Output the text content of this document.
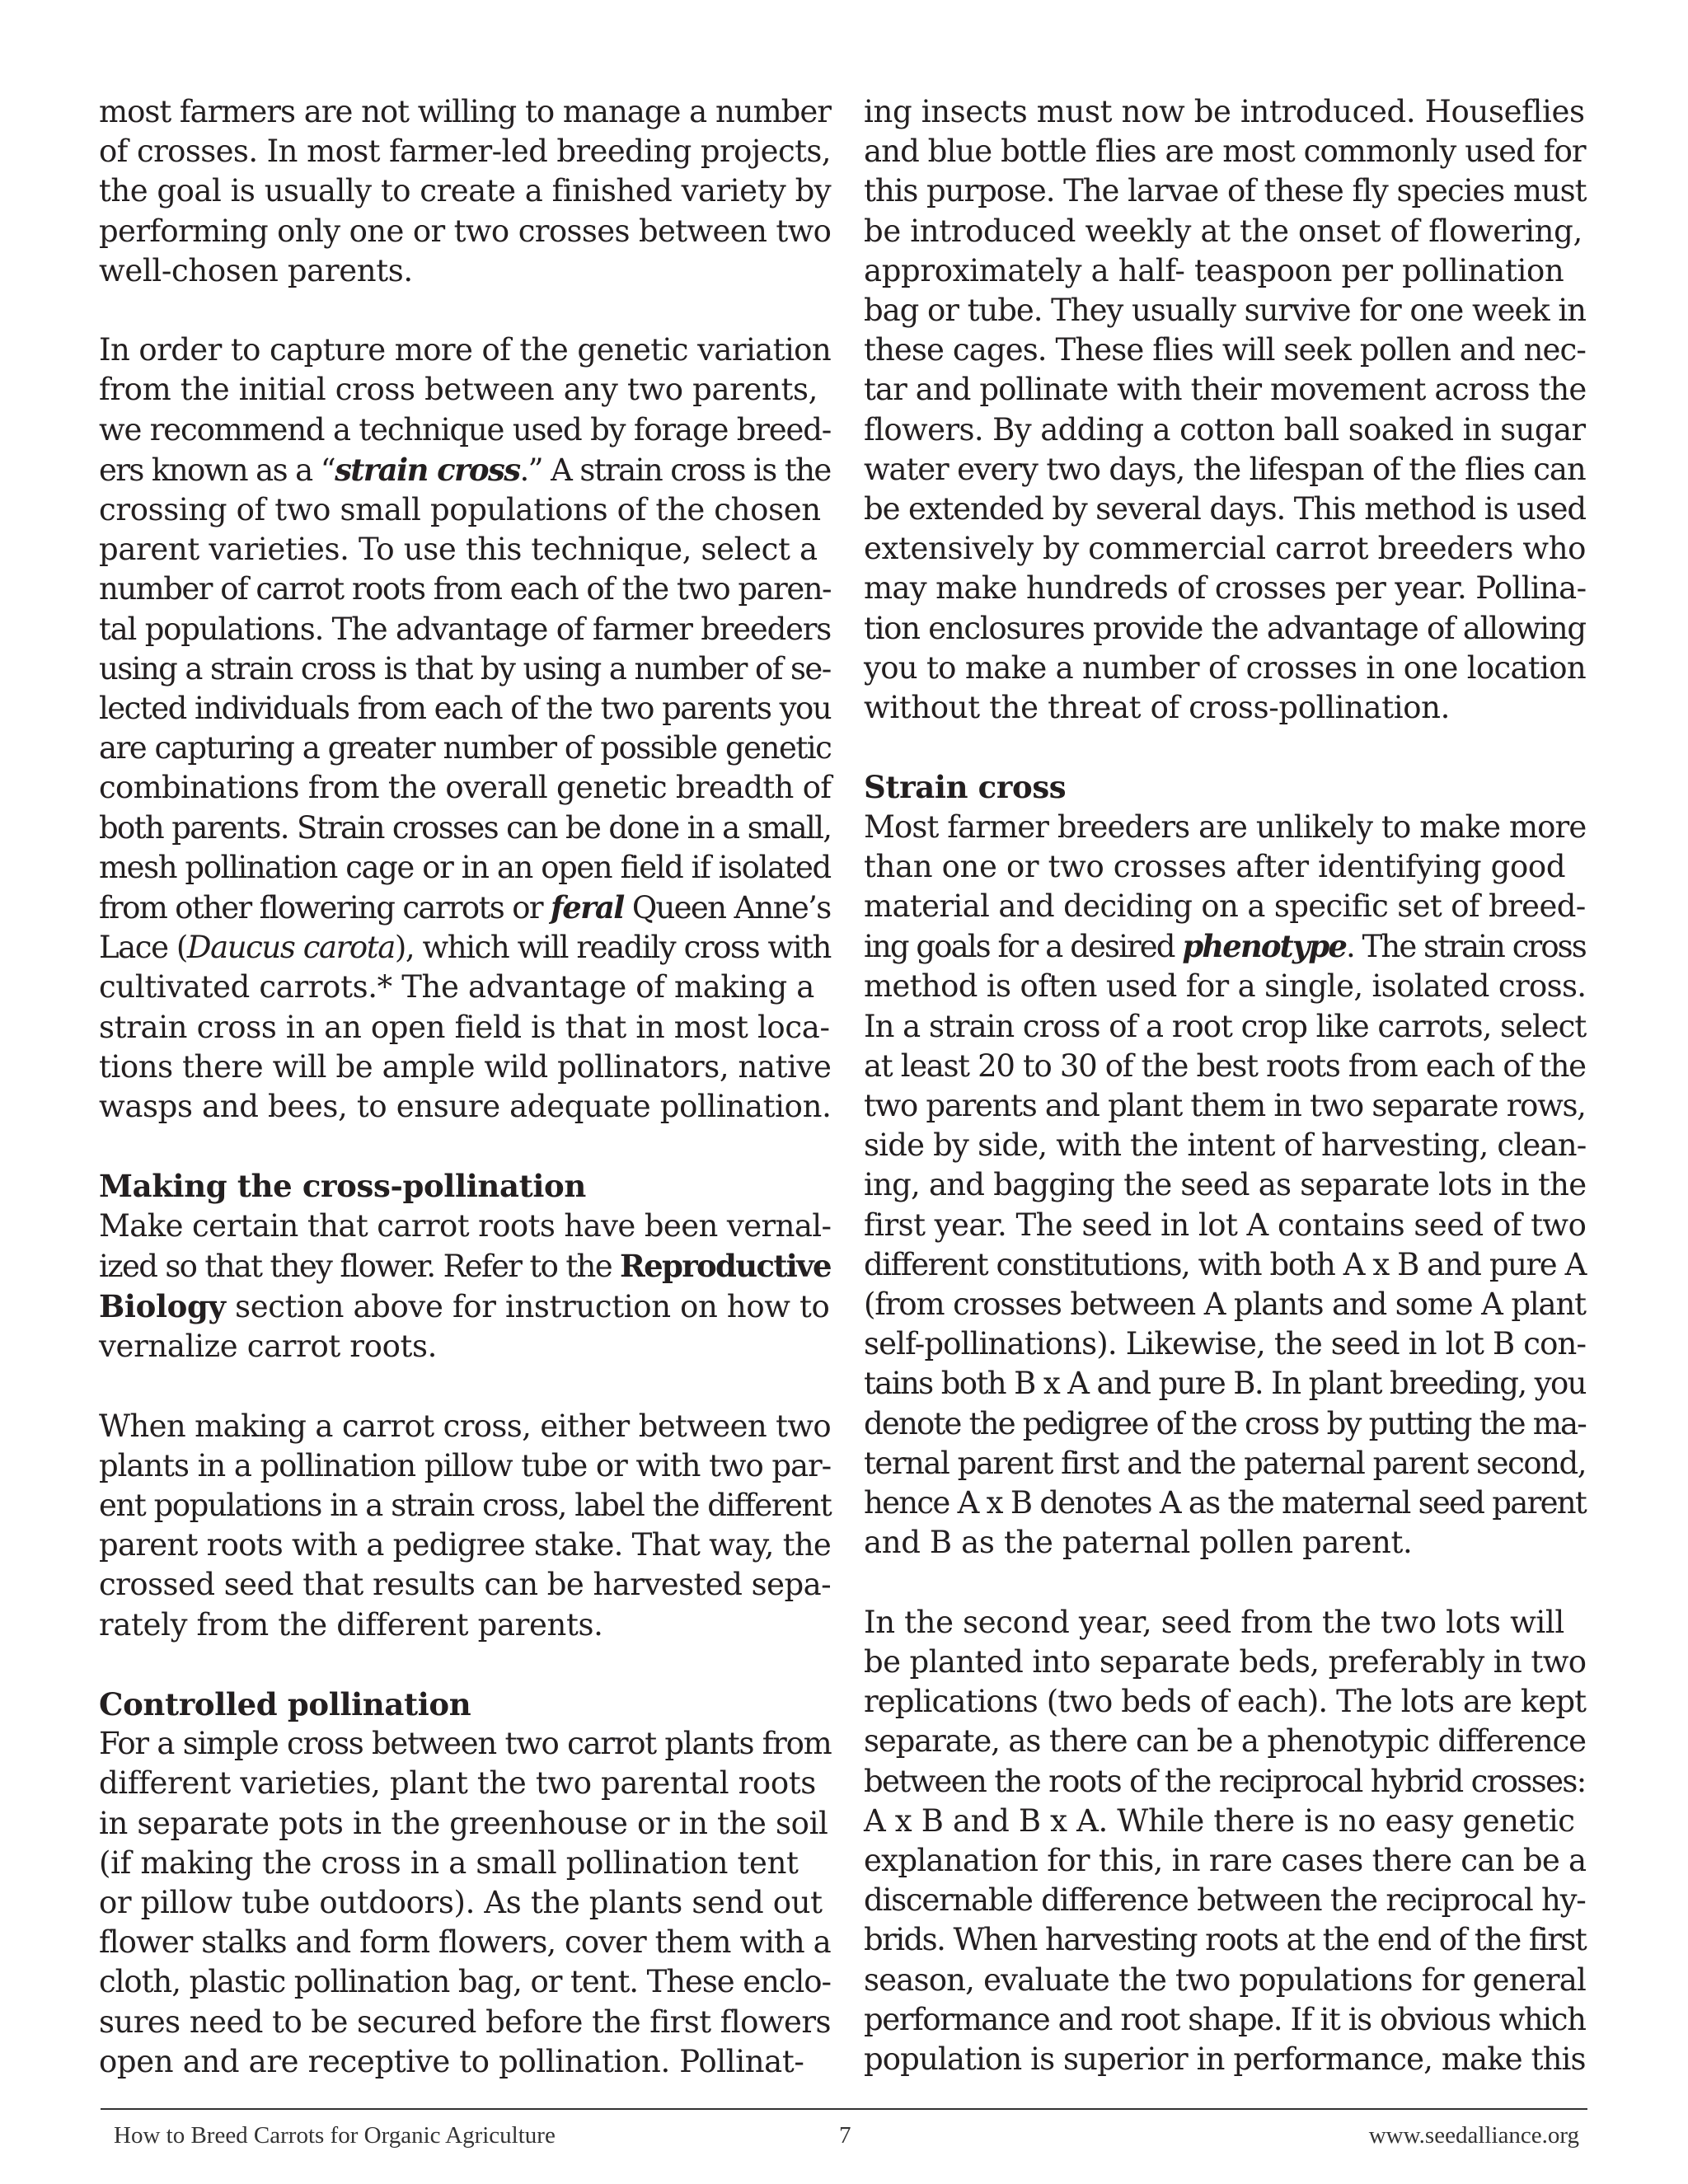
most farmers are not willing to manage a number
of crosses. In most farmer-led breeding projects,
the goal is usually to create a finished variety by
performing only one or two crosses between two
well-chosen parents.
In order to capture more of the genetic variation
from the initial cross between any two parents,
we recommend a technique used by forage breed-
ers known as a “strain cross.” A strain cross is the
crossing of two small populations of the chosen
parent varieties. To use this technique, select a
number of carrot roots from each of the two paren-
tal populations. The advantage of farmer breeders
using a strain cross is that by using a number of se-
lected individuals from each of the two parents you
are capturing a greater number of possible genetic
combinations from the overall genetic breadth of
both parents. Strain crosses can be done in a small,
mesh pollination cage or in an open field if isolated
from other flowering carrots or feral Queen Anne’s
Lace (Daucus carota), which will readily cross with
cultivated carrots.* The advantage of making a
strain cross in an open field is that in most loca-
tions there will be ample wild pollinators, native
wasps and bees, to ensure adequate pollination.
Making the cross-pollination
Make certain that carrot roots have been vernal-
ized so that they flower. Refer to the Reproductive
Biology section above for instruction on how to
vernalize carrot roots.
When making a carrot cross, either between two
plants in a pollination pillow tube or with two par-
ent populations in a strain cross, label the different
parent roots with a pedigree stake. That way, the
crossed seed that results can be harvested sepa-
rately from the different parents.
Controlled pollination
For a simple cross between two carrot plants from
different varieties, plant the two parental roots
in separate pots in the greenhouse or in the soil
(if making the cross in a small pollination tent
or pillow tube outdoors). As the plants send out
flower stalks and form flowers, cover them with a
cloth, plastic pollination bag, or tent. These enclo-
sures need to be secured before the first flowers
open and are receptive to pollination. Pollinat-
ing insects must now be introduced. Houseflies
and blue bottle flies are most commonly used for
this purpose. The larvae of these fly species must
be introduced weekly at the onset of flowering,
approximately a half- teaspoon per pollination
bag or tube. They usually survive for one week in
these cages. These flies will seek pollen and nec-
tar and pollinate with their movement across the
flowers. By adding a cotton ball soaked in sugar
water every two days, the lifespan of the flies can
be extended by several days. This method is used
extensively by commercial carrot breeders who
may make hundreds of crosses per year. Pollina-
tion enclosures provide the advantage of allowing
you to make a number of crosses in one location
without the threat of cross-pollination.
Strain cross
Most farmer breeders are unlikely to make more
than one or two crosses after identifying good
material and deciding on a specific set of breed-
ing goals for a desired phenotype. The strain cross
method is often used for a single, isolated cross.
In a strain cross of a root crop like carrots, select
at least 20 to 30 of the best roots from each of the
two parents and plant them in two separate rows,
side by side, with the intent of harvesting, clean-
ing, and bagging the seed as separate lots in the
first year. The seed in lot A contains seed of two
different constitutions, with both A x B and pure A
(from crosses between A plants and some A plant
self-pollinations). Likewise, the seed in lot B con-
tains both B x A and pure B. In plant breeding, you
denote the pedigree of the cross by putting the ma-
ternal parent first and the paternal parent second,
hence A x B denotes A as the maternal seed parent
and B as the paternal pollen parent.
In the second year, seed from the two lots will
be planted into separate beds, preferably in two
replications (two beds of each). The lots are kept
separate, as there can be a phenotypic difference
between the roots of the reciprocal hybrid crosses:
A x B and B x A. While there is no easy genetic
explanation for this, in rare cases there can be a
discernable difference between the reciprocal hy-
brids. When harvesting roots at the end of the first
season, evaluate the two populations for general
performance and root shape. If it is obvious which
population is superior in performance, make this
How to Breed Carrots for Organic Agriculture	7	www.seedalliance.org
